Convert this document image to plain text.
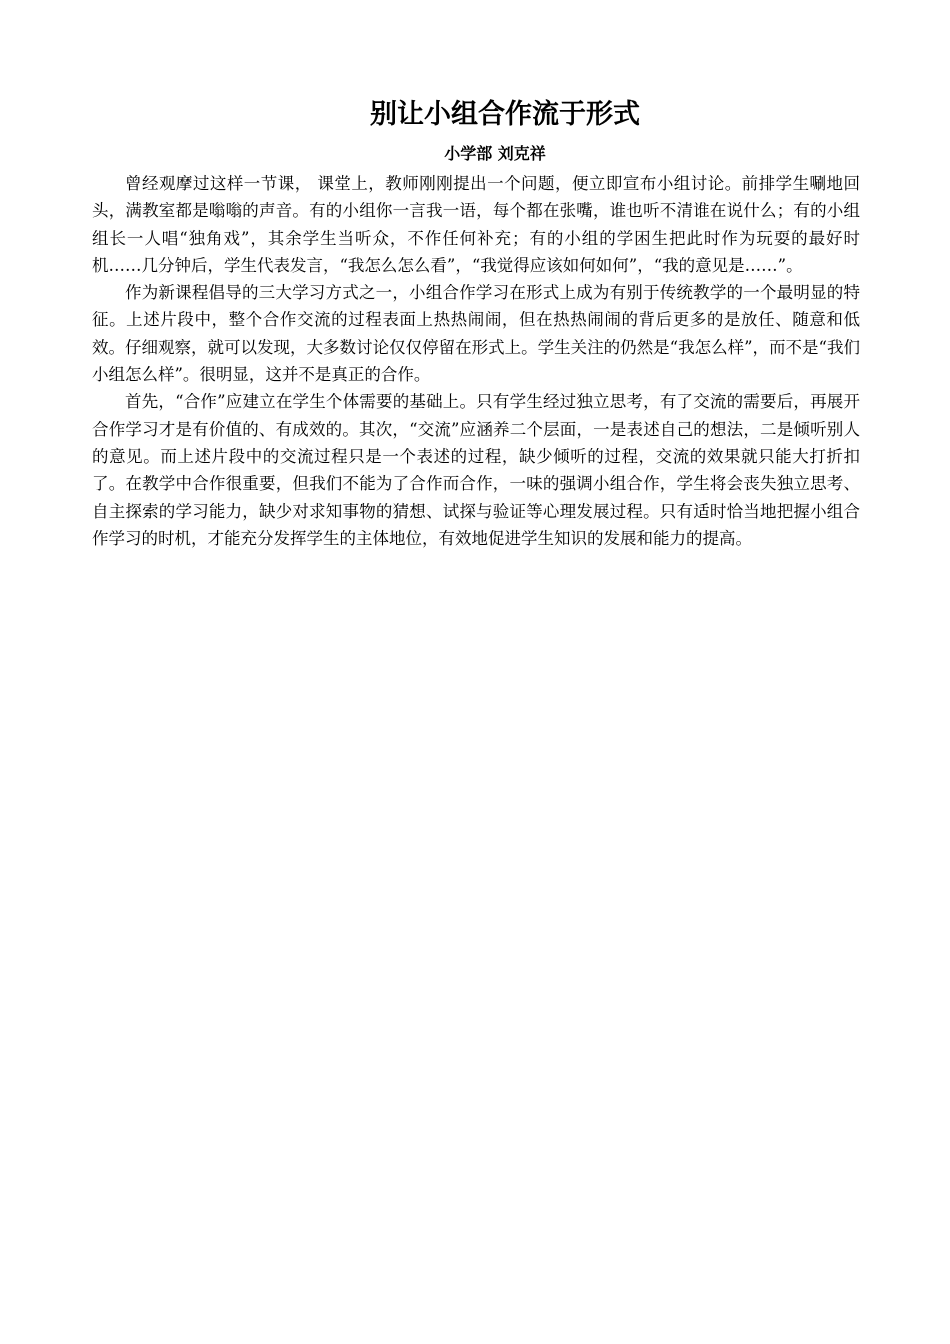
别让小组合作流于形式
小学部 刘克祥

曾经观摩过这样一节课， 课堂上，教师刚刚提出一个问题，便立即宣布小组讨论。前排学生唰地回头，满教室都是嗡嗡的声音。有的小组你一言我一语，每个都在张嘴，谁也听不清谁在说什么；有的小组组长一人唱“独角戏”，其余学生当听众，不作任何补充；有的小组的学困生把此时作为玩耍的最好时机……几分钟后，学生代表发言，“我怎么怎么看”，“我觉得应该如何如何”，“我的意见是……”。

作为新课程倡导的三大学习方式之一，小组合作学习在形式上成为有别于传统教学的一个最明显的特征。上述片段中，整个合作交流的过程表面上热热闹闹，但在热热闹闹的背后更多的是放任、随意和低效。仔细观察，就可以发现，大多数讨论仅仅停留在形式上。学生关注的仍然是“我怎么样”，而不是“我们小组怎么样”。很明显，这并不是真正的合作。

首先，“合作”应建立在学生个体需要的基础上。只有学生经过独立思考，有了交流的需要后，再展开合作学习才是有价值的、有成效的。其次，“交流”应涵养二个层面，一是表述自己的想法，二是倾听别人的意见。而上述片段中的交流过程只是一个表述的过程，缺少倾听的过程，交流的效果就只能大打折扣了。在教学中合作很重要，但我们不能为了合作而合作，一味的强调小组合作，学生将会丧失独立思考、自主探索的学习能力，缺少对求知事物的猜想、试探与验证等心理发展过程。只有适时恰当地把握小组合作学习的时机，才能充分发挥学生的主体地位，有效地促进学生知识的发展和能力的提高。
